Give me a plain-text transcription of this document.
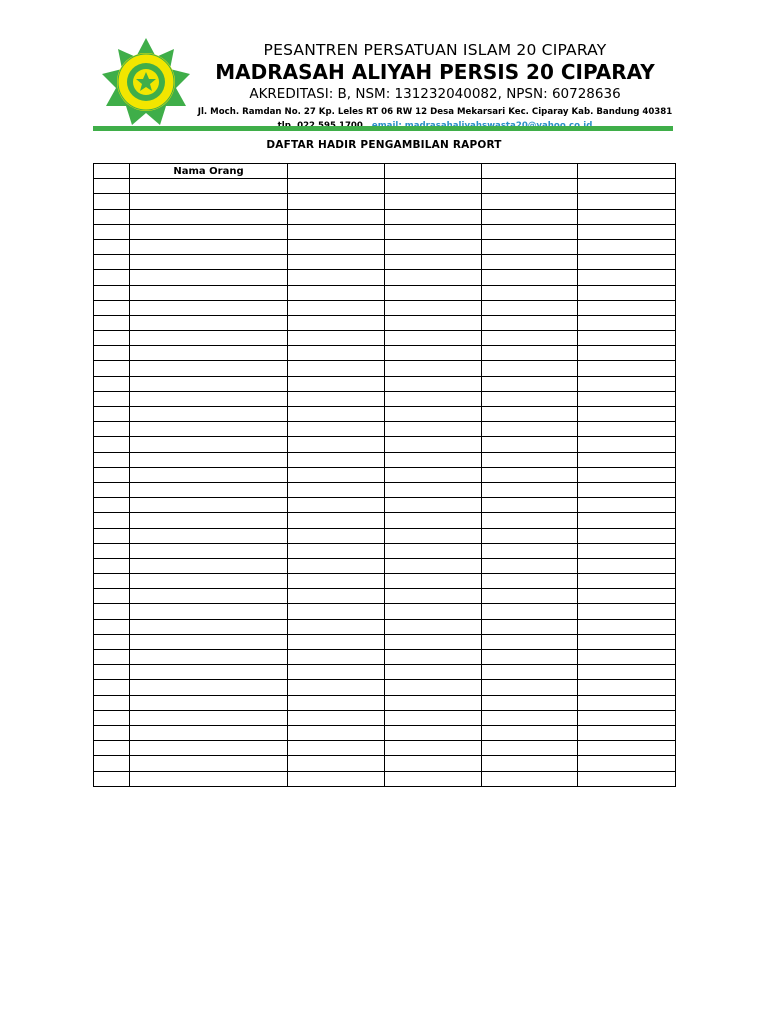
PESANTREN PERSATUAN ISLAM 20 CIPARAY
MADRASAH ALIYAH PERSIS 20 CIPARAY
AKREDITASI: B, NSM: 131232040082, NPSN: 60728636
Jl. Moch. Ramdan No. 27 Kp. Leles RT 06 RW 12 Desa Mekarsari Kec. Ciparay Kab. Bandung 40381

DAFTAR HADIR PENGAMBILAN RAPORT
	Nama Orang				
